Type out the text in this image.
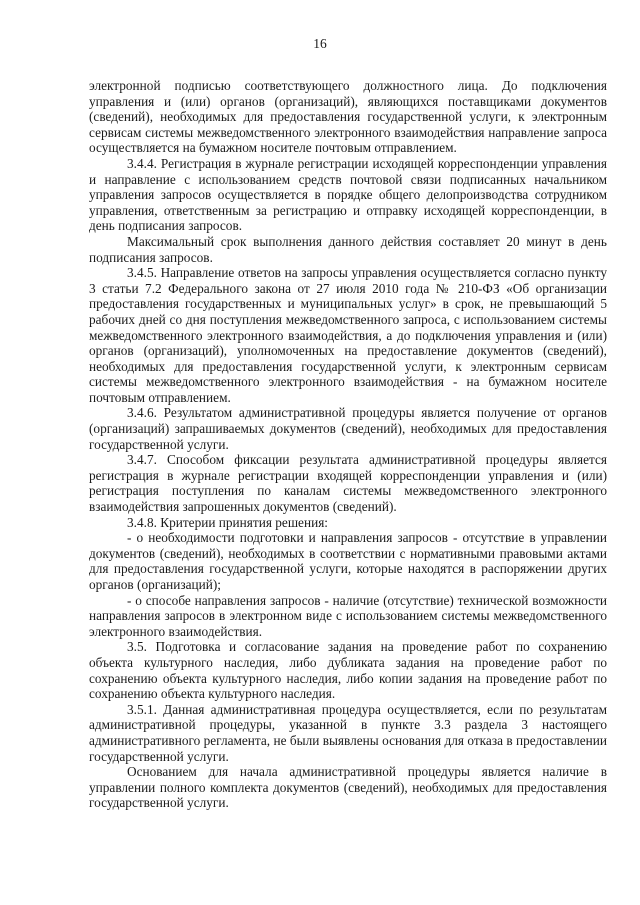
16

электронной подписью соответствующего должностного лица. До подключения управления и (или) органов (организаций), являющихся поставщиками документов (сведений), необходимых для предоставления государственной услуги, к электронным сервисам системы межведомственного электронного взаимодействия направление запроса осуществляется на бумажном носителе почтовым отправлением.

3.4.4. Регистрация в журнале регистрации исходящей корреспонденции управления и направление с использованием средств почтовой связи подписанных начальником управления запросов осуществляется в порядке общего делопроизводства сотрудником управления, ответственным за регистрацию и отправку исходящей корреспонденции, в день подписания запросов.

Максимальный срок выполнения данного действия составляет 20 минут в день подписания запросов.

3.4.5. Направление ответов на запросы управления осуществляется согласно пункту 3 статьи 7.2 Федерального закона от 27 июля 2010 года № 210-ФЗ «Об организации предоставления государственных и муниципальных услуг» в срок, не превышающий 5 рабочих дней со дня поступления межведомственного запроса, с использованием системы межведомственного электронного взаимодействия, а до подключения управления и (или) органов (организаций), уполномоченных на предоставление документов (сведений), необходимых для предоставления государственной услуги, к электронным сервисам системы межведомственного электронного взаимодействия - на бумажном носителе почтовым отправлением.

3.4.6. Результатом административной процедуры является получение от органов (организаций) запрашиваемых документов (сведений), необходимых для предоставления государственной услуги.

3.4.7. Способом фиксации результата административной процедуры является регистрация в журнале регистрации входящей корреспонденции управления и (или) регистрация поступления по каналам системы межведомственного электронного взаимодействия запрошенных документов (сведений).

3.4.8. Критерии принятия решения:

- о необходимости подготовки и направления запросов - отсутствие в управлении документов (сведений), необходимых в соответствии с нормативными правовыми актами для предоставления государственной услуги, которые находятся в распоряжении других органов (организаций);

- о способе направления запросов - наличие (отсутствие) технической возможности направления запросов в электронном виде с использованием системы межведомственного электронного взаимодействия.

3.5. Подготовка и согласование задания на проведение работ по сохранению объекта культурного наследия, либо дубликата задания на проведение работ по сохранению объекта культурного наследия, либо копии задания на проведение работ по сохранению объекта культурного наследия.

3.5.1. Данная административная процедура осуществляется, если по результатам административной процедуры, указанной в пункте 3.3 раздела 3 настоящего административного регламента, не были выявлены основания для отказа в предоставлении государственной услуги.

Основанием для начала административной процедуры является наличие в управлении полного комплекта документов (сведений), необходимых для предоставления государственной услуги.
